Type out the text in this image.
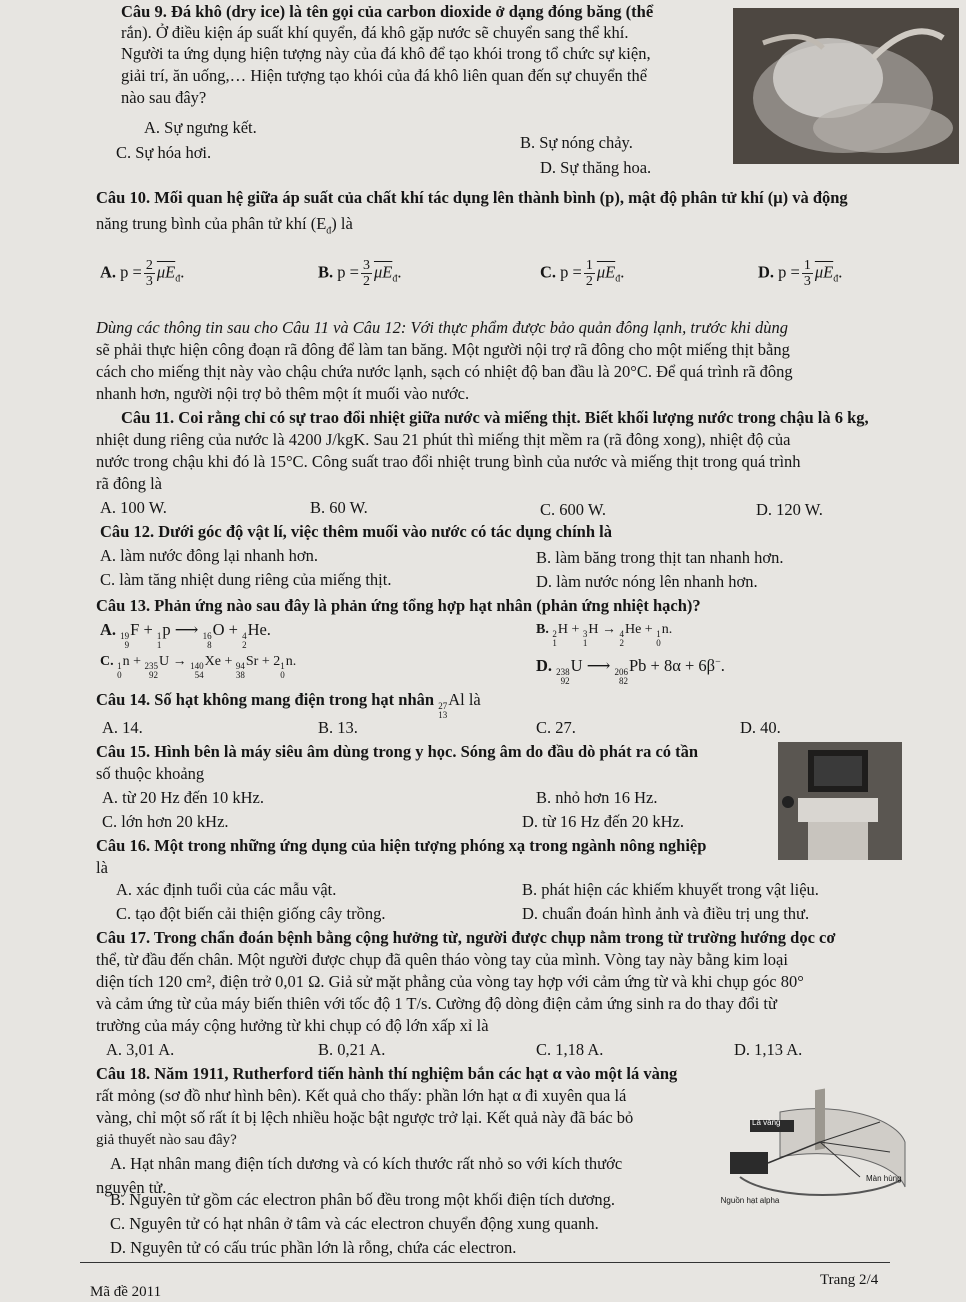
Câu 9. Đá khô (dry ice) là tên gọi của carbon dioxide ở dạng đóng băng (thể
rắn). Ở điều kiện áp suất khí quyển, đá khô gặp nước sẽ chuyển sang thể khí.
Người ta ứng dụng hiện tượng này của đá khô để tạo khói trong tổ chức sự kiện,
giải trí, ăn uống,… Hiện tượng tạo khói của đá khô liên quan đến sự chuyển thể
nào sau đây?
A. Sự ngưng kết.
B. Sự nóng chảy.
C. Sự hóa hơi.
D. Sự thăng hoa.
Câu 10. Mối quan hệ giữa áp suất của chất khí tác dụng lên thành bình (p), mật độ phân tử khí (μ) và động
năng trung bình của phân tử khí $(E_đ)$ là
A. $p = \frac{2}{3} \overline{\mu E}_đ$.	B. $p = \frac{3}{2} \overline{\mu E}_đ$.	C. $p = \frac{1}{2} \overline{\mu E}_đ$.	D. $p = \frac{1}{3} \overline{\mu E}_đ$.
Dùng các thông tin sau cho Câu 11 và Câu 12: Với thực phẩm được bảo quản đông lạnh, trước khi dùng
sẽ phải thực hiện công đoạn rã đông để làm tan băng. Một người nội trợ rã đông cho một miếng thịt bằng
cách cho miếng thịt này vào chậu chứa nước lạnh, sạch có nhiệt độ ban đầu là 20°C. Để quá trình rã đông
nhanh hơn, người nội trợ bỏ thêm một ít muối vào nước.
Câu 11. Coi rằng chỉ có sự trao đổi nhiệt giữa nước và miếng thịt. Biết khối lượng nước trong chậu là 6 kg,
nhiệt dung riêng của nước là 4200 J/kgK. Sau 21 phút thì miếng thịt mềm ra (rã đông xong), nhiệt độ của
nước trong chậu khi đó là 15°C. Công suất trao đổi nhiệt trung bình của nước và miếng thịt trong quá trình
rã đông là
A. 100 W.	B. 60 W.	C. 600 W.	D. 120 W.
Câu 12. Dưới góc độ vật lí, việc thêm muối vào nước có tác dụng chính là
A. làm nước đông lại nhanh hơn.	B. làm băng trong thịt tan nhanh hơn.
C. làm tăng nhiệt dung riêng của miếng thịt.	D. làm nước nóng lên nhanh hơn.
Câu 13. Phản ứng nào sau đây là phản ứng tổng hợp hạt nhân (phản ứng nhiệt hạch)?
A. 19
9
F + 1
1
p ⟶ 16
8
O + 4
2
He.	B. 2
1
H + 3
1
H → 4
2
He + 1
0
n.
C. 1
0
n + 235
92
U → 140
54
Xe + 94
38
Sr + 2 1
0
n.	D. 238
92
U ⟶ 206
82
Pb + 8α + 6β−.
Câu 14. Số hạt không mang điện trong hạt nhân 27
13
Al là
A. 14.	B. 13.	C. 27.	D. 40.
Câu 15. Hình bên là máy siêu âm dùng trong y học. Sóng âm do đầu dò phát ra có tần
số thuộc khoảng
A. từ 20 Hz đến 10 kHz.	B. nhỏ hơn 16 Hz.
C. lớn hơn 20 kHz.	D. từ 16 Hz đến 20 kHz.
Câu 16. Một trong những ứng dụng của hiện tượng phóng xạ trong ngành nông nghiệp
là
A. xác định tuổi của các mẫu vật.	B. phát hiện các khiếm khuyết trong vật liệu.
C. tạo đột biến cải thiện giống cây trồng.	D. chuẩn đoán hình ảnh và điều trị ung thư.
Câu 17. Trong chẩn đoán bệnh bằng cộng hưởng từ, người được chụp nằm trong từ trường hướng dọc cơ
thể, từ đầu đến chân. Một người được chụp đã quên tháo vòng tay của mình. Vòng tay này bằng kim loại
diện tích 120 cm², điện trở 0,01 Ω. Giả sử mặt phẳng của vòng tay hợp với cảm ứng từ và khi chụp góc 80°
và cảm ứng từ của máy biến thiên với tốc độ 1 T/s. Cường độ dòng điện cảm ứng sinh ra do thay đổi từ
trường của máy cộng hưởng từ khi chụp có độ lớn xấp xỉ là
A. 3,01 A.	B. 0,21 A.	C. 1,18 A.	D. 1,13 A.
Câu 18. Năm 1911, Rutherford tiến hành thí nghiệm bắn các hạt α vào một lá vàng
rất mỏng (sơ đồ như hình bên). Kết quả cho thấy: phần lớn hạt α đi xuyên qua lá
vàng, chỉ một số rất ít bị lệch nhiều hoặc bật ngược trở lại. Kết quả này đã bác bỏ
giả thuyết nào sau đây?
A. Hạt nhân mang điện tích dương và có kích thước rất nhỏ so với kích thước
nguyên tử.
B. Nguyên tử gồm các electron phân bố đều trong một khối điện tích dương.
C. Nguyên tử có hạt nhân ở tâm và các electron chuyển động xung quanh.
D. Nguyên tử có cấu trúc phần lớn là rỗng, chứa các electron.
Lá vàng
Màn hùng
Nguồn hạt alpha
Trang 2/4
Mã đề 2011
